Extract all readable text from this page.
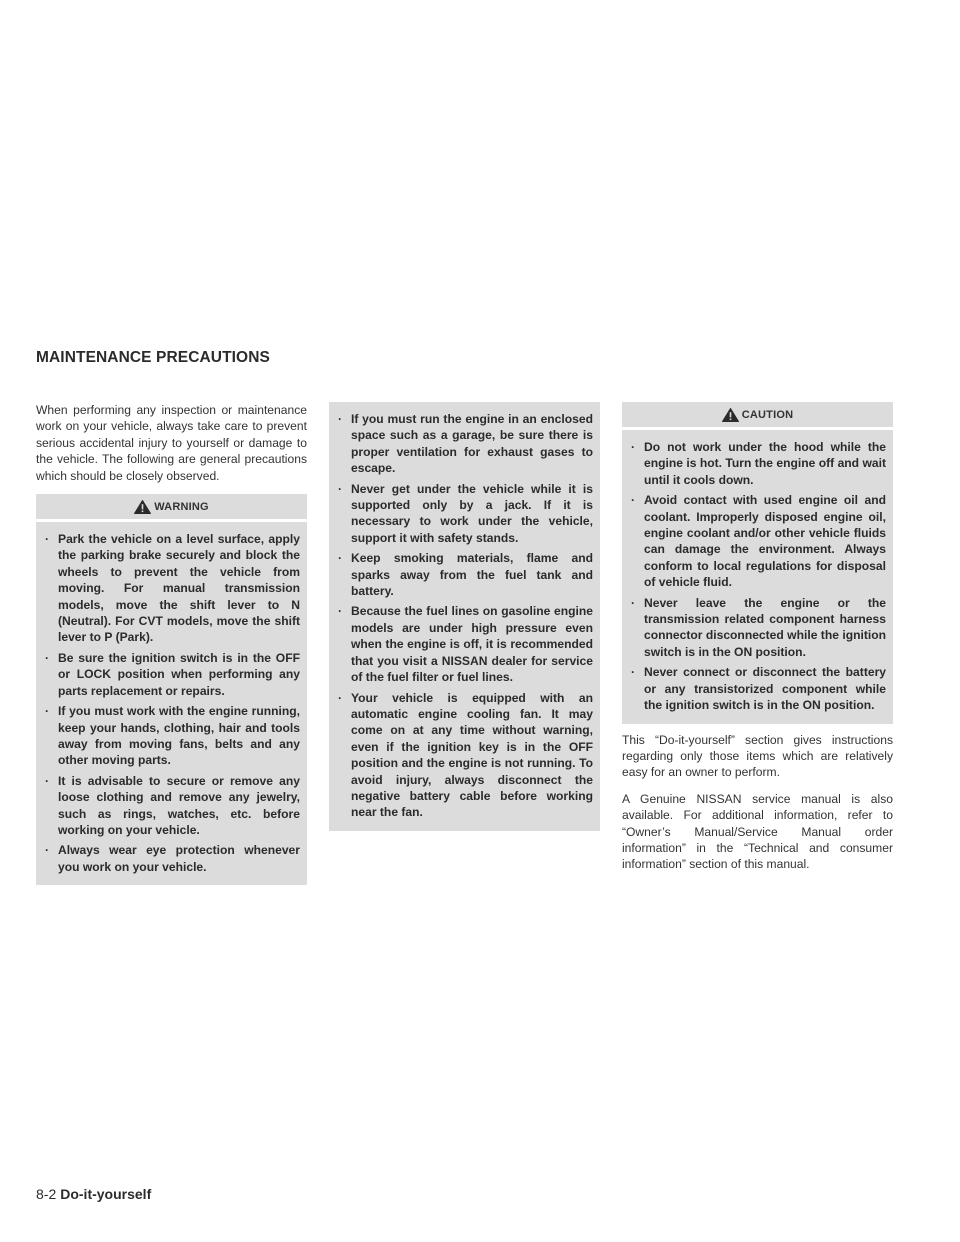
MAINTENANCE PRECAUTIONS

When performing any inspection or maintenance work on your vehicle, always take care to prevent serious accidental injury to yourself or damage to the vehicle. The following are general precautions which should be closely observed.

WARNING
· Park the vehicle on a level surface, apply the parking brake securely and block the wheels to prevent the vehicle from moving. For manual transmission models, move the shift lever to N (Neutral). For CVT models, move the shift lever to P (Park).
· Be sure the ignition switch is in the OFF or LOCK position when performing any parts replacement or repairs.
· If you must work with the engine running, keep your hands, clothing, hair and tools away from moving fans, belts and any other moving parts.
· It is advisable to secure or remove any loose clothing and remove any jewelry, such as rings, watches, etc. before working on your vehicle.
· Always wear eye protection whenever you work on your vehicle.
· If you must run the engine in an enclosed space such as a garage, be sure there is proper ventilation for exhaust gases to escape.
· Never get under the vehicle while it is supported only by a jack. If it is necessary to work under the vehicle, support it with safety stands.
· Keep smoking materials, flame and sparks away from the fuel tank and battery.
· Because the fuel lines on gasoline engine models are under high pressure even when the engine is off, it is recommended that you visit a NISSAN dealer for service of the fuel filter or fuel lines.
· Your vehicle is equipped with an automatic engine cooling fan. It may come on at any time without warning, even if the ignition key is in the OFF position and the engine is not running. To avoid injury, always disconnect the negative battery cable before working near the fan.
CAUTION
· Do not work under the hood while the engine is hot. Turn the engine off and wait until it cools down.
· Avoid contact with used engine oil and coolant. Improperly disposed engine oil, engine coolant and/or other vehicle fluids can damage the environment. Always conform to local regulations for disposal of vehicle fluid.
· Never leave the engine or the transmission related component harness connector disconnected while the ignition switch is in the ON position.
· Never connect or disconnect the battery or any transistorized component while the ignition switch is in the ON position.

This “Do-it-yourself” section gives instructions regarding only those items which are relatively easy for an owner to perform.

A Genuine NISSAN service manual is also available. For additional information, refer to “Owner’s Manual/Service Manual order information” in the “Technical and consumer information” section of this manual.

8-2 Do-it-yourself
